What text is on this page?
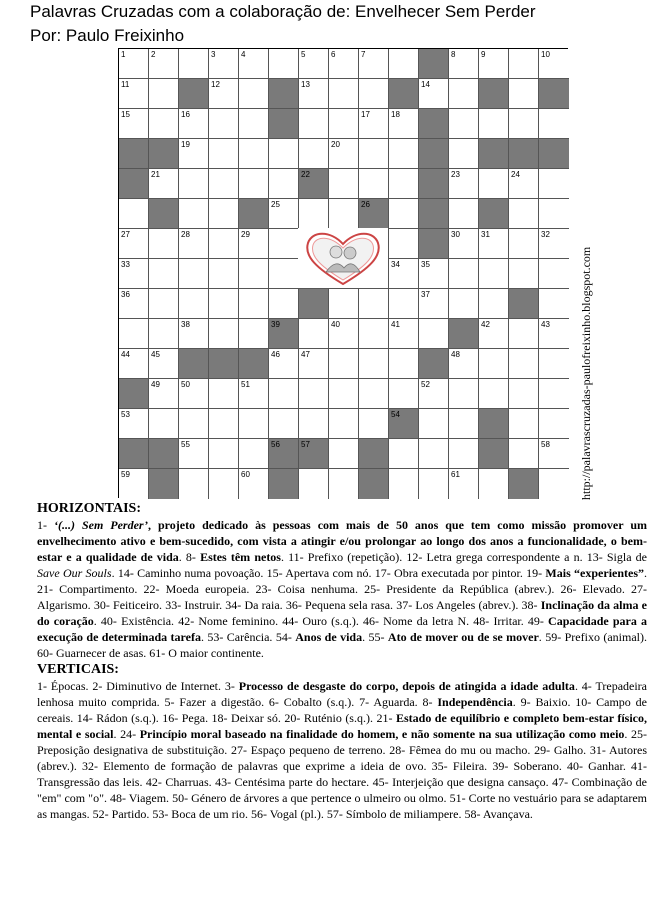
Palavras Cruzadas com a colaboração de: Envelhecer Sem Perder
Por: Paulo Freixinho
1	2	3	4	5	6	7	8	9	10
11	12	13	14
15	16	17	18
19	20
21	22	23	24
25	26
27	28	29	30	31	32
33	34	35
36	37
38	39	40	41	42	43
44	45	46	47	48
49	50	51	52
53	54
55	56	57	58
59	60	61	http://palavrascruzadas-paulofreixinho.blogspot.com
HORIZONTAIS:

1- ‘(...) Sem Perder’, projeto dedicado às pessoas com mais de 50 anos que tem como missão promover um envelhecimento ativo e bem-sucedido, com vista a atingir e/ou prolongar ao longo dos anos a funcionalidade, o bem-estar e a qualidade de vida. 8- Estes têm netos. 11- Prefixo (repetição). 12- Letra grega correspondente a n. 13- Sigla de Save Our Souls. 14- Caminho numa povoação. 15- Apertava com nó. 17- Obra executada por pintor. 19- Mais “experientes”. 21- Compartimento. 22- Moeda europeia. 23- Coisa nenhuma. 25- Presidente da República (abrev.). 26- Elevado. 27- Algarismo. 30- Feiticeiro. 33- Instruir. 34- Da raia. 36- Pequena sela rasa. 37- Los Angeles (abrev.). 38- Inclinação da alma e do coração. 40- Existência. 42- Nome feminino. 44- Ouro (s.q.). 46- Nome da letra N. 48- Irritar. 49- Capacidade para a execução de determinada tarefa. 53- Carência. 54- Anos de vida. 55- Ato de mover ou de se mover. 59- Prefixo (animal). 60- Guarnecer de asas. 61- O maior continente.

VERTICAIS:

1- Épocas. 2- Diminutivo de Internet. 3- Processo de desgaste do corpo, depois de atingida a idade adulta. 4- Trepadeira lenhosa muito comprida. 5- Fazer a digestão. 6- Cobalto (s.q.). 7- Aguarda. 8- Independência. 9- Baixio. 10- Campo de cereais. 14- Rádon (s.q.). 16- Pega. 18- Deixar só. 20- Ruténio (s.q.). 21- Estado de equilíbrio e completo bem-estar físico, mental e social. 24- Princípio moral baseado na finalidade do homem, e não somente na sua utilização como meio. 25- Preposição designativa de substituição. 27- Espaço pequeno de terreno. 28- Fêmea do mu ou macho. 29- Galho. 31- Autores (abrev.). 32- Elemento de formação de palavras que exprime a ideia de ovo. 35- Fileira. 39- Soberano. 40- Ganhar. 41- Transgressão das leis. 42- Charruas. 43- Centésima parte do hectare. 45- Interjeição que designa cansaço. 47- Combinação de "em" com "o". 48- Viagem. 50- Género de árvores a que pertence o ulmeiro ou olmo. 51- Corte no vestuário para se adaptarem as mangas. 52- Partido. 53- Boca de um rio. 56- Vogal (pl.). 57- Símbolo de miliampere. 58- Avançava.
